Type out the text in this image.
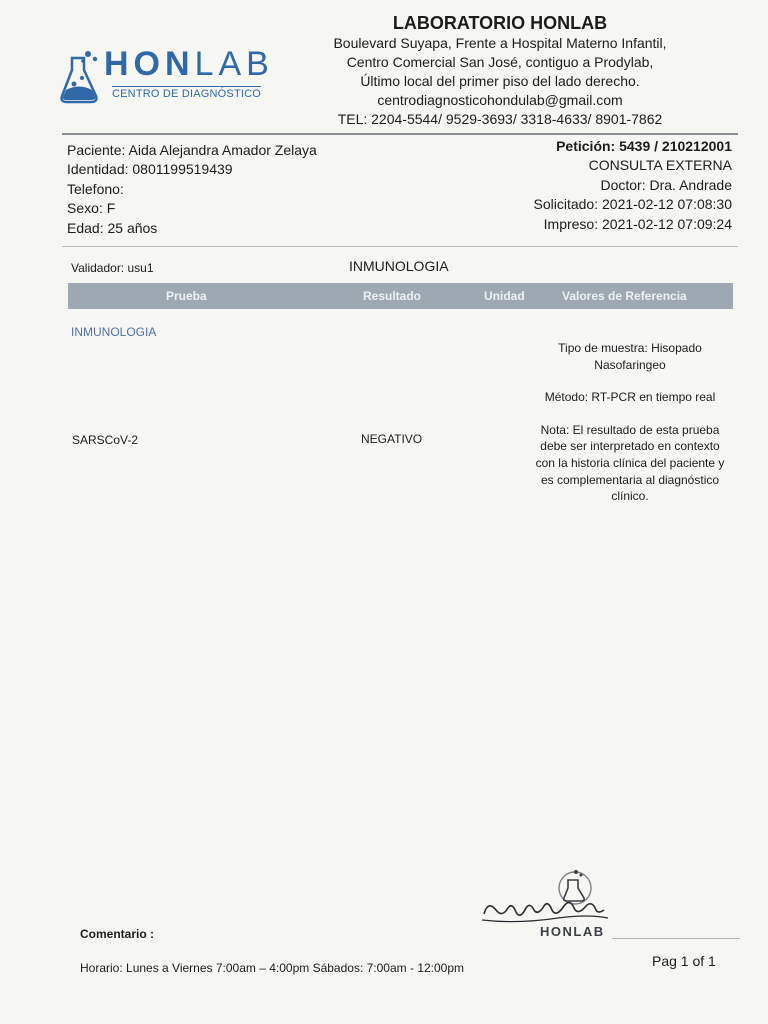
HONLAB
CENTRO DE DIAGNÓSTICO
LABORATORIO HONLAB
Boulevard Suyapa, Frente a Hospital Materno Infantil,
Centro Comercial San José, contiguo a Prodylab,
Último local del primer piso del lado derecho.
centrodiagnosticohondulab@gmail.com
TEL: 2204-5544/ 9529-3693/ 3318-4633/ 8901-7862
Paciente: Aida Alejandra Amador Zelaya
Identidad: 0801199519439
Telefono:
Sexo: F
Edad: 25 años
Petición: 5439 / 210212001
CONSULTA EXTERNA
Doctor: Dra. Andrade
Solicitado: 2021-02-12 07:08:30
Impreso: 2021-02-12 07:09:24
Validador: usu1	INMUNOLOGIA
Prueba	Resultado	Unidad	Valores de Referencia
INMUNOLOGIA
SARSCoV-2	NEGATIVO

Tipo de muestra: Hisopado Nasofaringeo

Método: RT-PCR en tiempo real

Nota: El resultado de esta prueba debe ser interpretado en contexto con la historia clínica del paciente y es complementaria al diagnóstico clínico.

HONLAB
Comentario :
Horario: Lunes a Viernes 7:00am – 4:00pm Sábados: 7:00am - 12:00pm	Pag 1 of 1
